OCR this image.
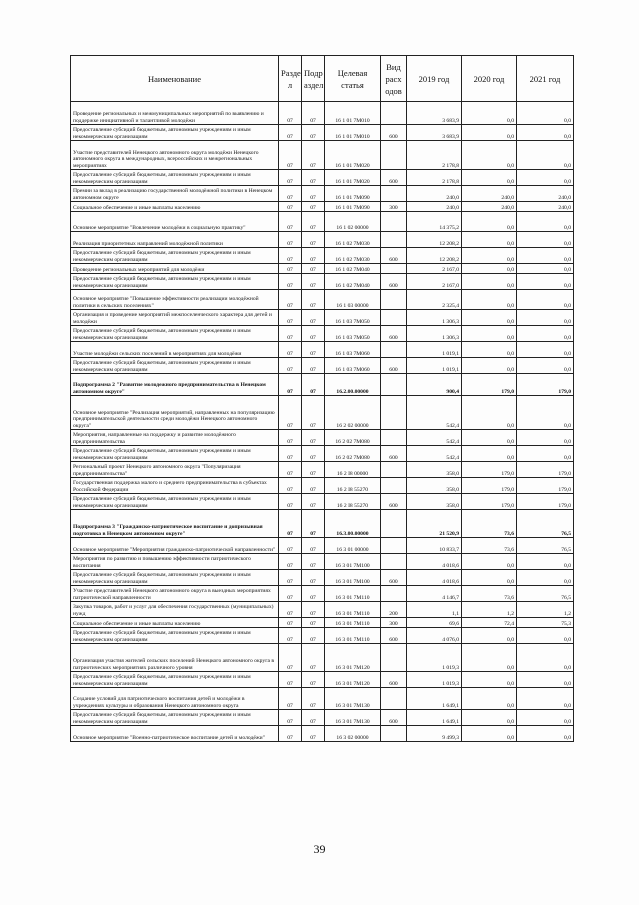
Наименование	Разде л	Подр аздел	Целевая статья	Вид расх одов	2019 год	2020 год	2021 год
Проведение региональных и межмуниципальных мероприятий по выявлению и поддержке инициативной и талантливой молодёжи	07	07	16 1 01 7M010		3 683,9	0,0	0,0
Предоставление субсидий бюджетным, автономным учреждениям и иным некоммерческим организациям	07	07	16 1 01 7M010	600	3 683,9	0,0	0,0
Участие представителей Ненецкого автономного округа молодёжи Ненецкого автономного округа в международных, всероссийских и межрегиональных мероприятиях	07	07	16 1 01 7M020		2 178,8	0,0	0,0
Предоставление субсидий бюджетным, автономным учреждениям и иным некоммерческим организациям	07	07	16 1 01 7M020	600	2 178,8	0,0	0,0
Премии за вклад в реализацию государственной молодёжной политики в Ненецком автономном округе	07	07	16 1 01 7M090		240,0	240,0	240,0
Социальное обеспечение и иные выплаты населению	07	07	16 1 01 7M090	300	240,0	240,0	240,0
Основное мероприятие "Вовлечение молодёжи в социальную практику"	07	07	16 1 02 00000		14 375,2	0,0	0,0
Реализация приоритетных направлений молодёжной политики	07	07	16 1 02 7M030		12 208,2	0,0	0,0
Предоставление субсидий бюджетным, автономным учреждениям и иным некоммерческим организациям	07	07	16 1 02 7M030	600	12 208,2	0,0	0,0
Проведение региональных мероприятий для молодёжи	07	07	16 1 02 7M040		2 167,0	0,0	0,0
Предоставление субсидий бюджетным, автономным учреждениям и иным некоммерческим организациям	07	07	16 1 02 7M040	600	2 167,0	0,0	0,0
Основное мероприятие "Повышение эффективности реализации молодёжной политики в сельских поселениях"	07	07	16 1 03 00000		2 325,4	0,0	0,0
Организация и проведение мероприятий межпоселенческого характера для детей и молодёжи	07	07	16 1 03 7M050		1 306,3	0,0	0,0
Предоставление субсидий бюджетным, автономным учреждениям и иным некоммерческим организациям	07	07	16 1 03 7M050	600	1 306,3	0,0	0,0
Участие молодёжи сельских поселений в мероприятиях для молодёжи	07	07	16 1 03 7M060		1 019,1	0,0	0,0
Предоставление субсидий бюджетным, автономным учреждениям и иным некоммерческим организациям	07	07	16 1 03 7M060	600	1 019,1	0,0	0,0
Подпрограмма 2 "Развитие молодежного предпринимательства в Ненецком автономном округе"	07	07	16.2.00.00000		900,4	179,0	179,0
Основное мероприятие "Реализация мероприятий, направленных на популяризацию предпринимательской деятельности среди молодёжи Ненецкого автономного округа"	07	07	16 2 02 00000		542,4	0,0	0,0
Мероприятия, направленные на поддержку и развитие молодёжного предпринимательства	07	07	16 2 02 7M080		542,4	0,0	0,0
Предоставление субсидий бюджетным, автономным учреждениям и иным некоммерческим организациям	07	07	16 2 02 7M080	600	542,4	0,0	0,0
Региональный проект Ненецкого автономного округа "Популяризация предпринимательства"	07	07	16 2 I8 00000		358,0	179,0	179,0
Государственная поддержка малого и среднего предпринимательства в субъектах Российской Федерации	07	07	16 2 I8 55270		358,0	179,0	179,0
Предоставление субсидий бюджетным, автономным учреждениям и иным некоммерческим организациям	07	07	16 2 I8 55270	600	358,0	179,0	179,0
Подпрограмма 3 "Гражданско-патриотическое воспитание и допризывная подготовка в Ненецком автономном округе"	07	07	16.3.00.00000		21 520,9	73,6	76,5
Основное мероприятие "Мероприятия гражданско-патриотической направленности"	07	07	16 3 01 00000		10 833,7	73,6	76,5
Мероприятия по развитию и повышению эффективности патриотического воспитания	07	07	16 3 01 7M100		4 018,6	0,0	0,0
Предоставление субсидий бюджетным, автономным учреждениям и иным некоммерческим организациям	07	07	16 3 01 7M100	600	4 018,6	0,0	0,0
Участие представителей Ненецкого автономного округа в выездных мероприятиях патриотической направленности	07	07	16 3 01 7M110		4 146,7	73,6	76,5
Закупка товаров, работ и услуг для обеспечения государственных (муниципальных) нужд	07	07	16 3 01 7M110	200	1,1	1,2	1,2
Социальное обеспечение и иные выплаты населению	07	07	16 3 01 7M110	300	69,6	72,4	75,3
Предоставление субсидий бюджетным, автономным учреждениям и иным некоммерческим организациям	07	07	16 3 01 7M110	600	4 076,0	0,0	0,0
Организация участия жителей сельских поселений Ненецкого автономного округа в патриотических мероприятиях различного уровня	07	07	16 3 01 7M120		1 019,3	0,0	0,0
Предоставление субсидий бюджетным, автономным учреждениям и иным некоммерческим организациям	07	07	16 3 01 7M120	600	1 019,3	0,0	0,0
Создание условий для патриотического воспитания детей и молодёжи в учреждениях культуры и образования Ненецкого автономного округа	07	07	16 3 01 7M130		1 649,1	0,0	0,0
Предоставление субсидий бюджетным, автономным учреждениям и иным некоммерческим организациям	07	07	16 3 01 7M130	600	1 649,1	0,0	0,0
Основное мероприятие "Военно-патриотическое воспитание детей и молодёжи"	07	07	16 3 02 00000		9 499,3	0,0	0,0
39
